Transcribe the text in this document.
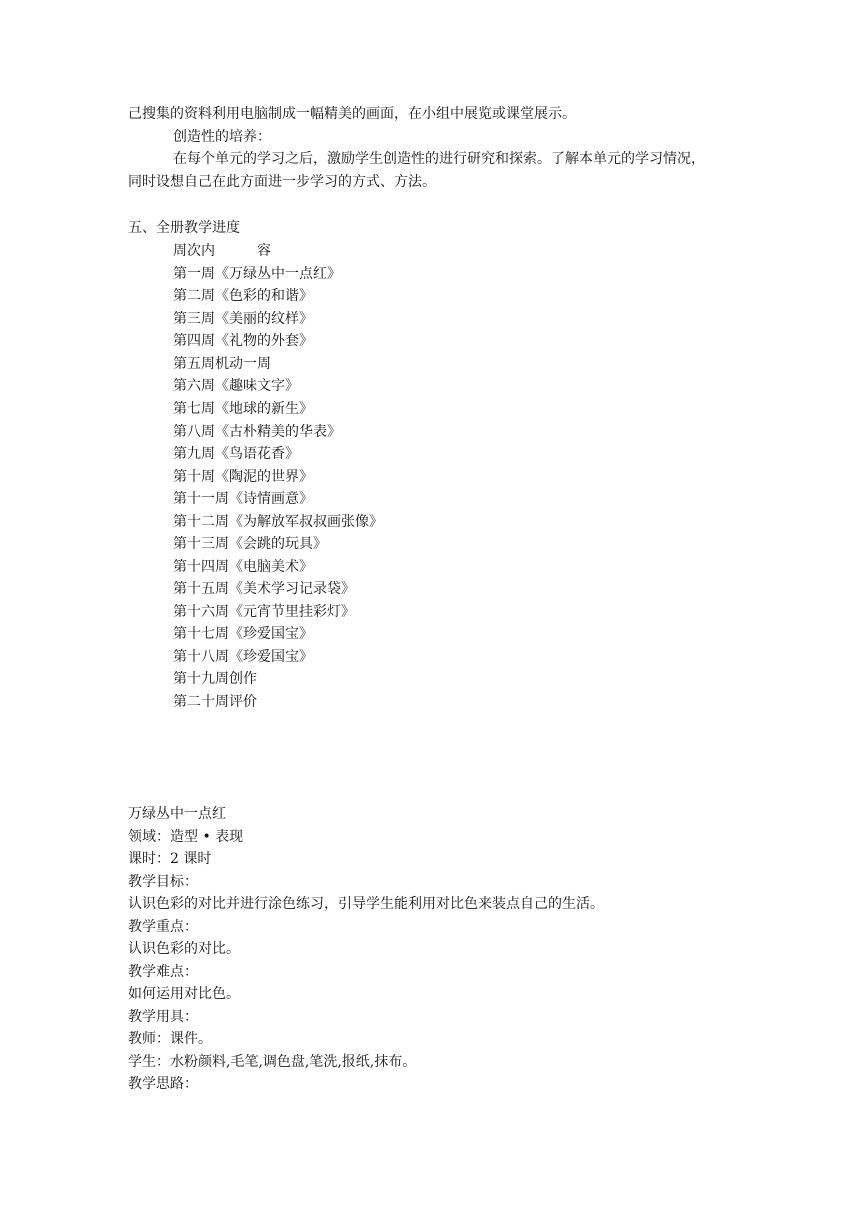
己搜集的资料利用电脑制成一幅精美的画面，在小组中展览或课堂展示。
创造性的培养：
在每个单元的学习之后，激励学生创造性的进行研究和探索。了解本单元的学习情况，
同时设想自己在此方面进一步学习的方式、方法。
五、全册教学进度
周次内	容
第一周《万绿丛中一点红》
第二周《色彩的和谐》
第三周《美丽的纹样》
第四周《礼物的外套》
第五周机动一周
第六周《趣味文字》
第七周《地球的新生》
第八周《古朴精美的华表》
第九周《鸟语花香》
第十周《陶泥的世界》
第十一周《诗情画意》
第十二周《为解放军叔叔画张像》
第十三周《会跳的玩具》
第十四周《电脑美术》
第十五周《美术学习记录袋》
第十六周《元宵节里挂彩灯》
第十七周《珍爱国宝》
第十八周《珍爱国宝》
第十九周创作
第二十周评价
万绿丛中一点红
领域：造型 • 表现
课时：2 课时
教学目标：
认识色彩的对比并进行涂色练习，引导学生能利用对比色来装点自己的生活。
教学重点：
认识色彩的对比。
教学难点：
如何运用对比色。
教学用具：
教师：课件。
学生：水粉颜料,毛笔,调色盘,笔洗,报纸,抹布。
教学思路：
